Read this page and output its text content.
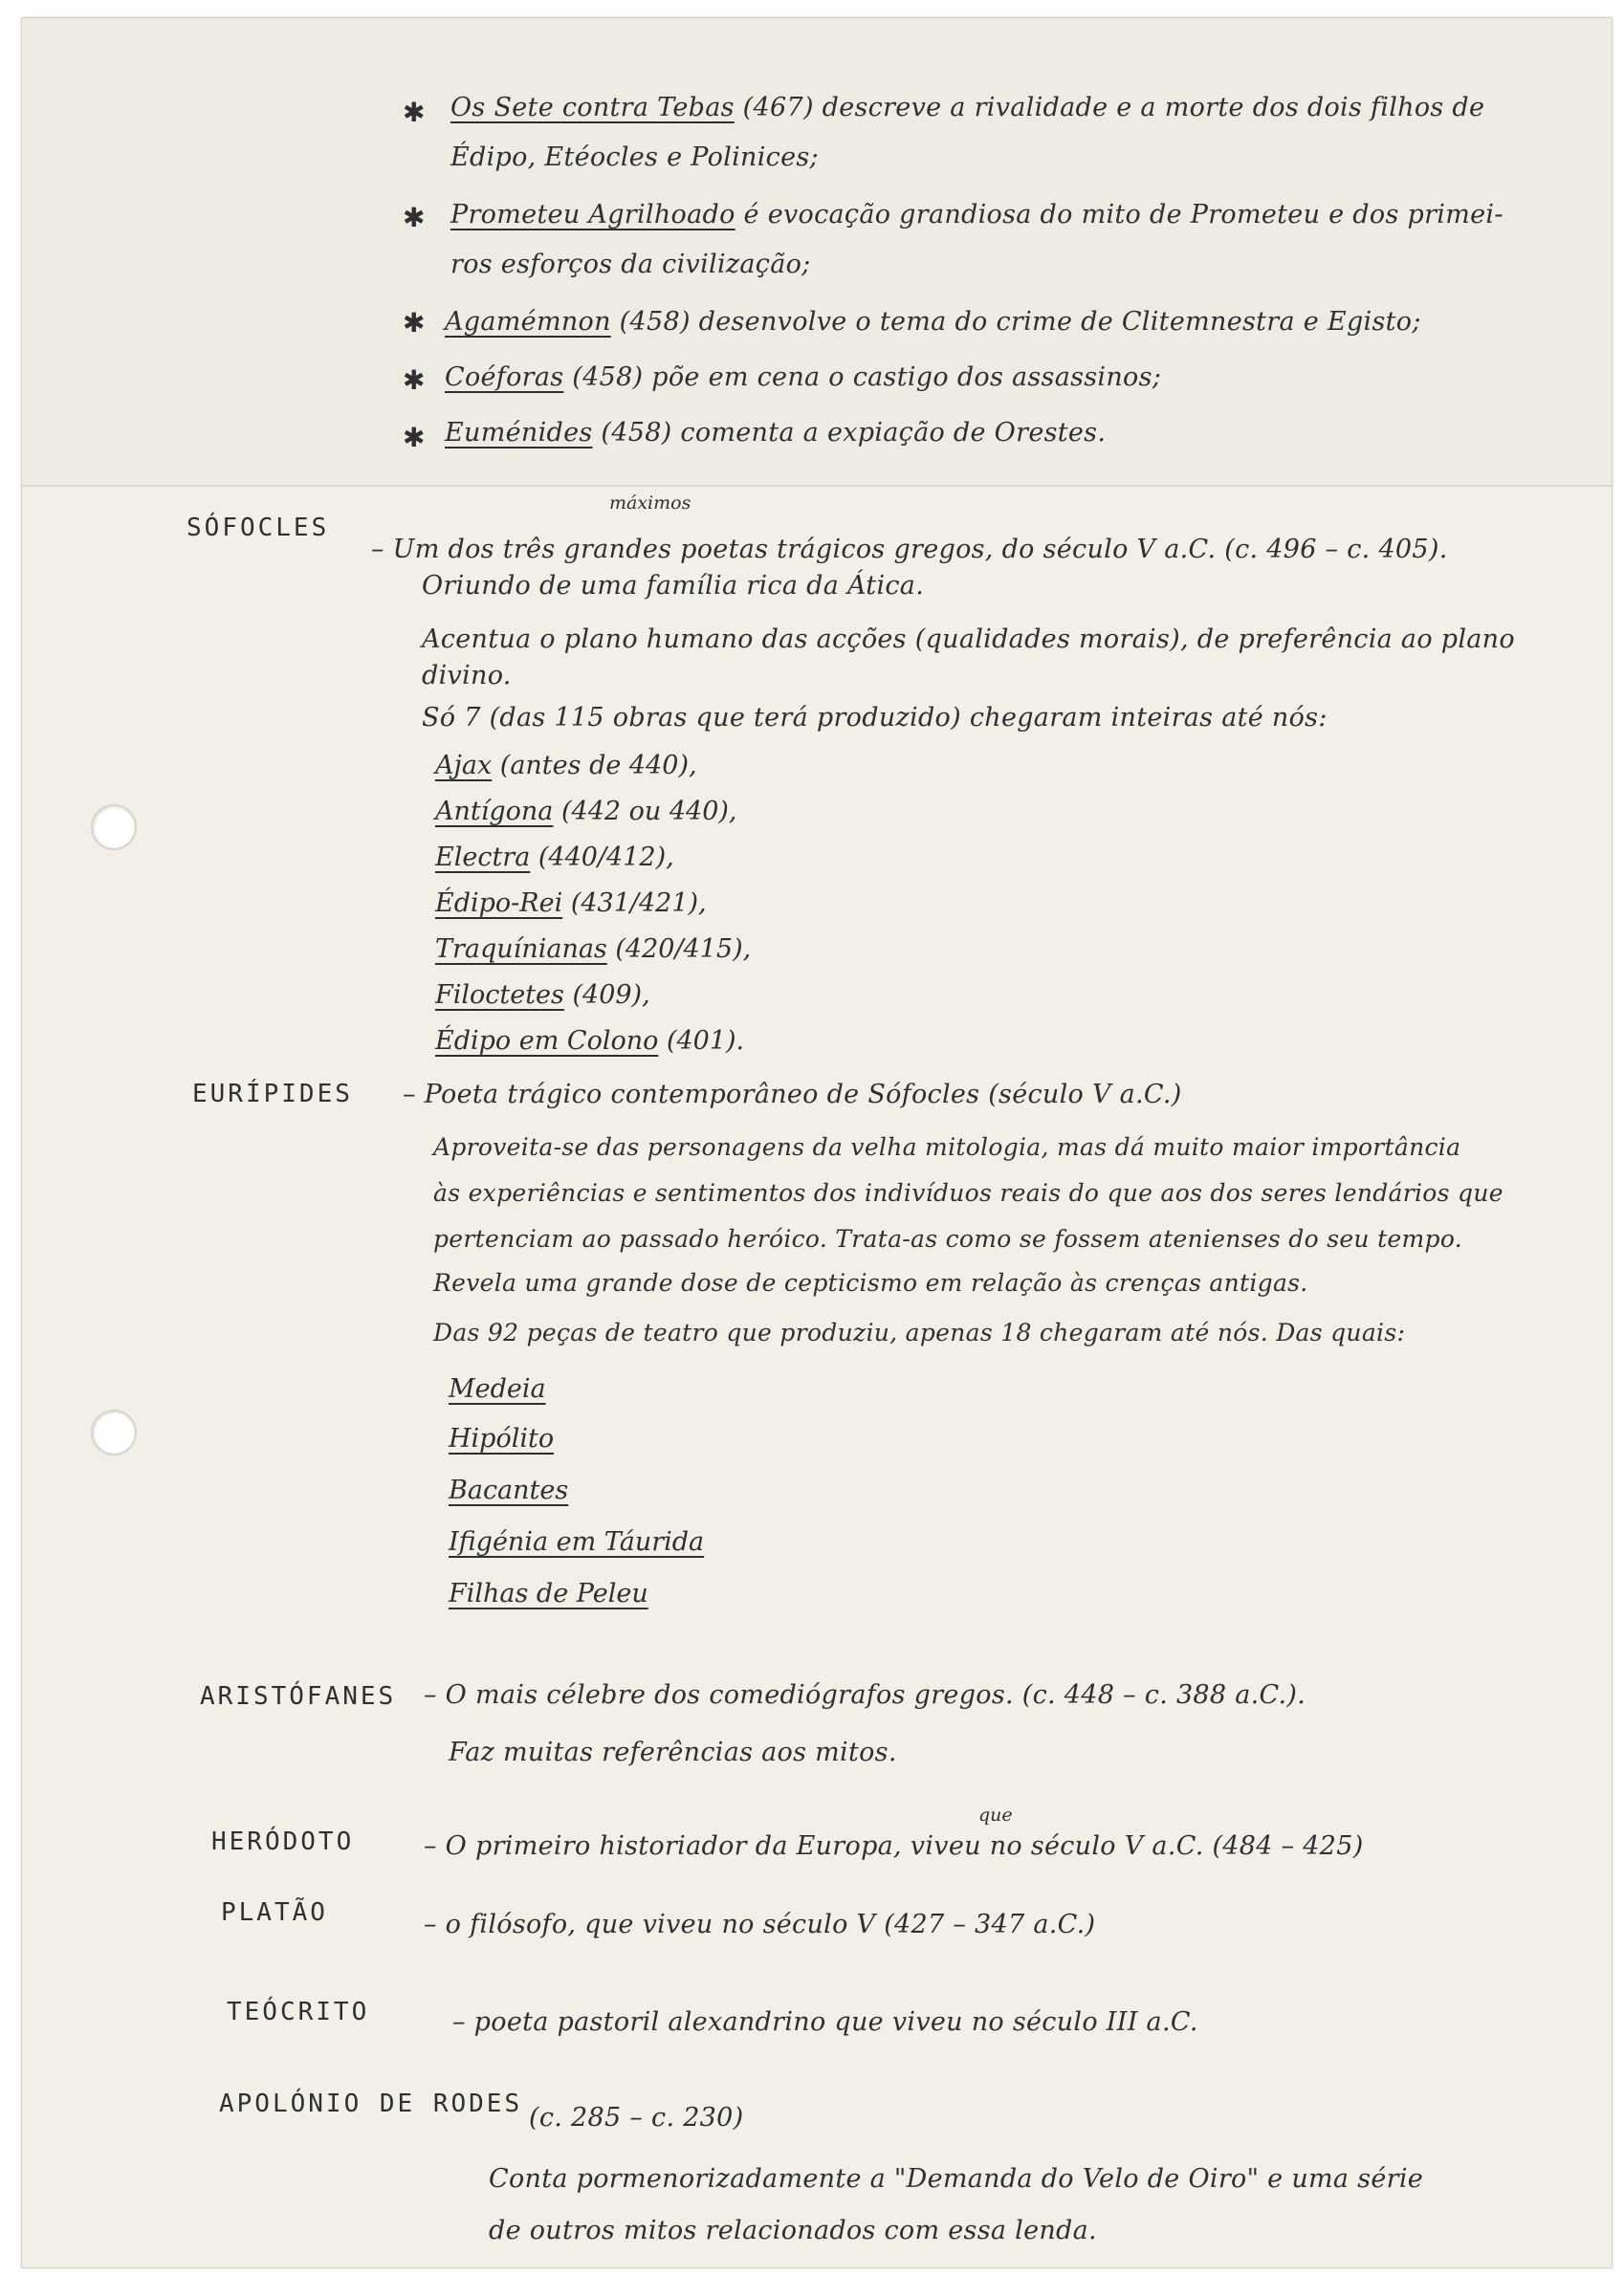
✱ Os Sete contra Tebas (467) descreve a rivalidade e a morte dos dois filhos de
Édipo, Etéocles e Polinices;
✱ Prometeu Agrilhoado é evocação grandiosa do mito de Prometeu e dos primei-
ros esforços da civilização;
✱ Agamémnon (458) desenvolve o tema do crime de Clitemnestra e Egisto;
✱ Coéforas (458) põe em cena o castigo dos assassinos;
✱ Euménides (458) comenta a expiação de Orestes.
SÓFOCLES
máximos
– Um dos três grandes poetas trágicos gregos, do século V a.C. (c. 496 – c. 405).
Oriundo de uma família rica da Ática.
Acentua o plano humano das acções (qualidades morais), de preferência ao plano
divino.
Só 7 (das 115 obras que terá produzido) chegaram inteiras até nós:
Ajax (antes de 440),
Antígona (442 ou 440),
Electra (440/412),
Édipo-Rei (431/421),
Traquínianas (420/415),
Filoctetes (409),
Édipo em Colono (401).
EURÍPIDES – Poeta trágico contemporâneo de Sófocles (século V a.C.)
Aproveita-se das personagens da velha mitologia, mas dá muito maior importância
às experiências e sentimentos dos indivíduos reais do que aos dos seres lendários que
pertenciam ao passado heróico. Trata-as como se fossem atenienses do seu tempo.
Revela uma grande dose de cepticismo em relação às crenças antigas.
Das 92 peças de teatro que produziu, apenas 18 chegaram até nós. Das quais:
Medeia
Hipólito
Bacantes
Ifigénia em Táurida
Filhas de Peleu
ARISTÓFANES – O mais célebre dos comediógrafos gregos. (c. 448 – c. 388 a.C.).
Faz muitas referências aos mitos.
HERÓDOTO
que
– O primeiro historiador da Europa, viveu no século V a.C. (484 – 425)
PLATÃO	– o filósofo, que viveu no século V (427 – 347 a.C.)
TEÓCRITO	– poeta pastoril alexandrino que viveu no século III a.C.
APOLÓNIO DE RODES (c. 285 – c. 230)
Conta pormenorizadamente a "Demanda do Velo de Oiro" e uma série
de outros mitos relacionados com essa lenda.
